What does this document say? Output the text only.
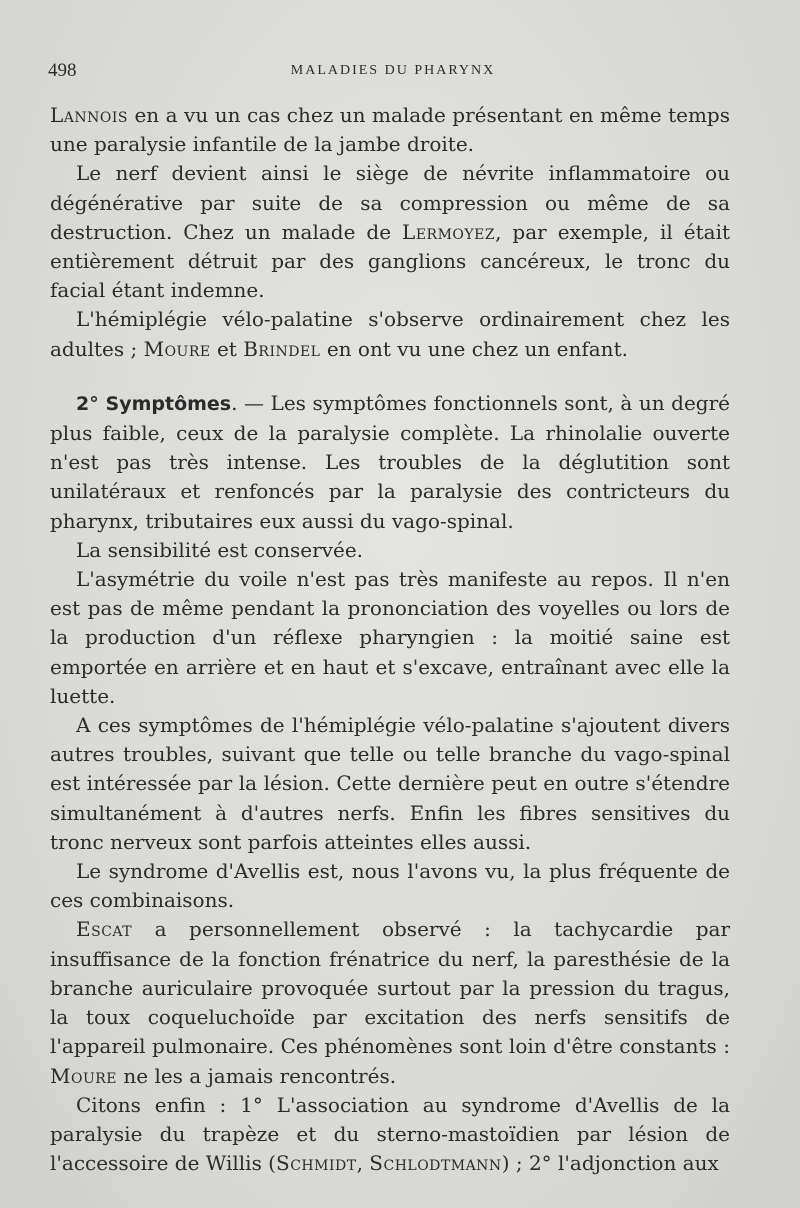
498	MALADIES DU PHARYNX

Lannois en a vu un cas chez un malade présentant en même temps une paralysie infantile de la jambe droite.

Le nerf devient ainsi le siège de névrite inflammatoire ou dégénérative par suite de sa compression ou même de sa destruction. Chez un malade de Lermoyez, par exemple, il était entièrement détruit par des ganglions cancéreux, le tronc du facial étant indemne.

L'hémiplégie vélo-palatine s'observe ordinairement chez les adultes ; Moure et Brindel en ont vu une chez un enfant.

2° Symptômes. — Les symptômes fonctionnels sont, à un degré plus faible, ceux de la paralysie complète. La rhinolalie ouverte n'est pas très intense. Les troubles de la déglutition sont unilatéraux et renfoncés par la paralysie des contricteurs du pharynx, tributaires eux aussi du vago-spinal.

La sensibilité est conservée.

L'asymétrie du voile n'est pas très manifeste au repos. Il n'en est pas de même pendant la prononciation des voyelles ou lors de la production d'un réflexe pharyngien : la moitié saine est emportée en arrière et en haut et s'excave, entraînant avec elle la luette.

A ces symptômes de l'hémiplégie vélo-palatine s'ajoutent divers autres troubles, suivant que telle ou telle branche du vago-spinal est intéressée par la lésion. Cette dernière peut en outre s'étendre simultanément à d'autres nerfs. Enfin les fibres sensitives du tronc nerveux sont parfois atteintes elles aussi.

Le syndrome d'Avellis est, nous l'avons vu, la plus fréquente de ces combinaisons.

Escat a personnellement observé : la tachycardie par insuffisance de la fonction frénatrice du nerf, la paresthésie de la branche auriculaire provoquée surtout par la pression du tragus, la toux coqueluchoïde par excitation des nerfs sensitifs de l'appareil pulmonaire. Ces phénomènes sont loin d'être constants : Moure ne les a jamais rencontrés.

Citons enfin : 1° L'association au syndrome d'Avellis de la paralysie du trapèze et du sterno-mastoïdien par lésion de l'accessoire de Willis (Schmidt, Schlodtmann) ; 2° l'adjonction aux
